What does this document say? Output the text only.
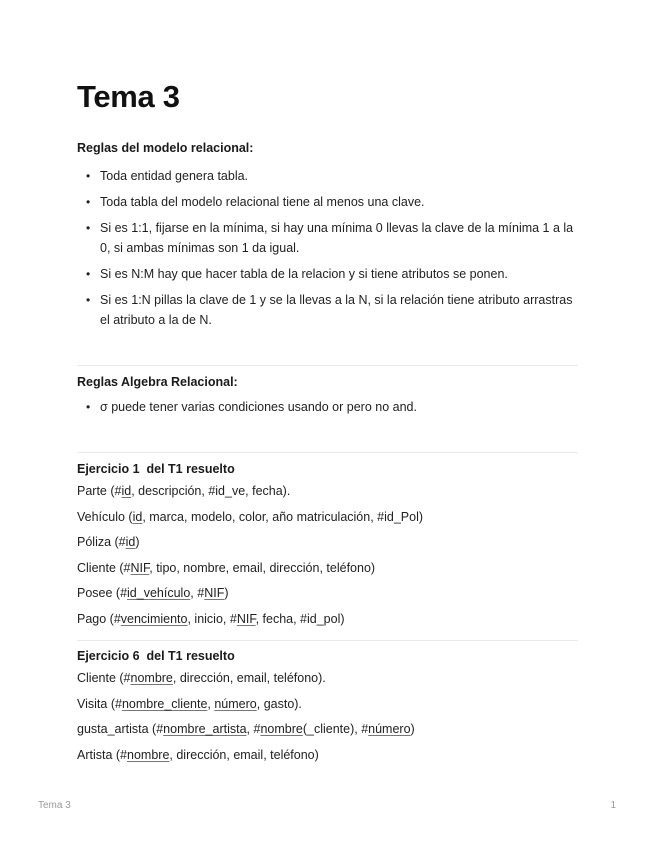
Tema 3

Reglas del modelo relacional:

• Toda entidad genera tabla.
• Toda tabla del modelo relacional tiene al menos una clave.
• Si es 1:1, fijarse en la mínima, si hay una mínima 0 llevas la clave de la mínima 1 a la 0, si ambas mínimas son 1 da igual.
• Si es N:M hay que hacer tabla de la relacion y si tiene atributos se ponen.
• Si es 1:N pillas la clave de 1 y se la llevas a la N, si la relación tiene atributo arrastras el atributo a la de N.

Reglas Algebra Relacional:

• σ puede tener varias condiciones usando or pero no and.

Ejercicio 1  del T1 resuelto

Parte (#id, descripción, #id_ve, fecha).

Vehículo (id, marca, modelo, color, año matriculación, #id_Pol)

Póliza (#id)

Cliente (#NIF, tipo, nombre, email, dirección, teléfono)

Posee (#id_vehículo, #NIF)

Pago (#vencimiento, inicio, #NIF, fecha, #id_pol)

Ejercicio 6  del T1 resuelto

Cliente (#nombre, dirección, email, teléfono).

Visita (#nombre_cliente, número, gasto).

gusta_artista (#nombre_artista, #nombre(_cliente), #número)

Artista (#nombre, dirección, email, teléfono)

Tema 3	1
